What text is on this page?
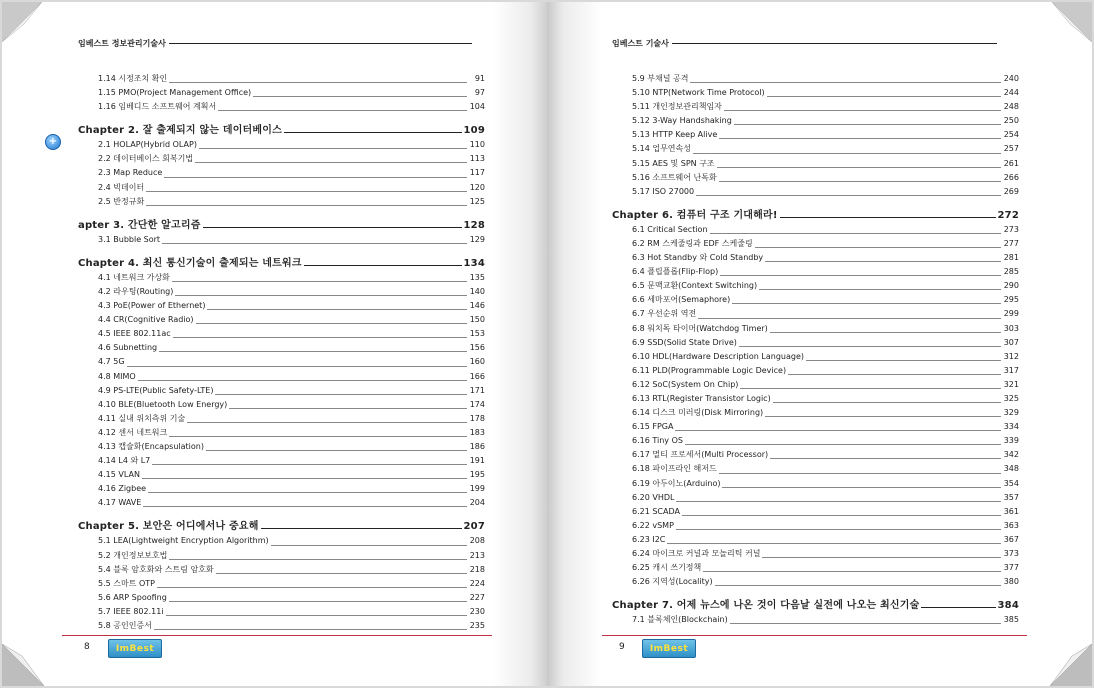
임베스트 정보관리기술사
1.14 시정조치 확인	91
1.15 PMO(Project Management Office)	97
1.16 임베디드 소프트웨어 계획서	104
Chapter 2. 잘 출제되지 않는 데이터베이스	109
2.1 HOLAP(Hybrid OLAP)	110
2.2 데이터베이스 회복기법	113
2.3 Map Reduce	117
2.4 빅데이터	120
2.5 반정규화	125
apter 3. 간단한 알고리즘	128
3.1 Bubble Sort	129
Chapter 4. 최신 통신기술이 출제되는 네트워크	134
4.1 네트워크 가상화	135
4.2 라우팅(Routing)	140
4.3 PoE(Power of Ethernet)	146
4.4 CR(Cognitive Radio)	150
4.5 IEEE 802.11ac	153
4.6 Subnetting	156
4.7 5G	160
4.8 MIMO	166
4.9 PS-LTE(Public Safety-LTE)	171
4.10 BLE(Bluetooth Low Energy)	174
4.11 실내 위치측위 기술	178
4.12 센서 네트워크	183
4.13 캡슐화(Encapsulation)	186
4.14 L4 와 L7	191
4.15 VLAN	195
4.16 Zigbee	199
4.17 WAVE	204
Chapter 5. 보안은 어디에서나 중요해	207
5.1 LEA(Lightweight Encryption Algorithm)	208
5.2 개인정보보호법	213
5.4 블록 암호화와 스트림 암호화	218
5.5 스마트 OTP	224
5.6 ARP Spoofing	227
5.7 IEEE 802.11i	230
5.8 공인인증서	235
8	ImBest
임베스트 기술사
5.9 부채널 공격	240
5.10 NTP(Network Time Protocol)	244
5.11 개인정보관리책임자	248
5.12 3-Way Handshaking	250
5.13 HTTP Keep Alive	254
5.14 업무연속성	257
5.15 AES 및 SPN 구조	261
5.16 소프트웨어 난독화	266
5.17 ISO 27000	269
Chapter 6. 컴퓨터 구조 기대해라!	272
6.1 Critical Section	273
6.2 RM 스케줄링과 EDF 스케줄링	277
6.3 Hot Standby 와 Cold Standby	281
6.4 플립플롭(Flip-Flop)	285
6.5 문맥교환(Context Switching)	290
6.6 세마포어(Semaphore)	295
6.7 우선순위 역전	299
6.8 워치독 타이머(Watchdog Timer)	303
6.9 SSD(Solid State Drive)	307
6.10 HDL(Hardware Description Language)	312
6.11 PLD(Programmable Logic Device)	317
6.12 SoC(System On Chip)	321
6.13 RTL(Register Transistor Logic)	325
6.14 디스크 미러링(Disk Mirroring)	329
6.15 FPGA	334
6.16 Tiny OS	339
6.17 멀티 프로세서(Multi Processor)	342
6.18 파이프라인 해저드	348
6.19 아두이노(Arduino)	354
6.20 VHDL	357
6.21 SCADA	361
6.22 vSMP	363
6.23 I2C	367
6.24 마이크로 커널과 모놀리틱 커널	373
6.25 캐시 쓰기정책	377
6.26 지역성(Locality)	380
Chapter 7. 어제 뉴스에 나온 것이 다음날 실전에 나오는 최신기술	384
7.1 블록체인(Blockchain)	385
9	ImBest
+
